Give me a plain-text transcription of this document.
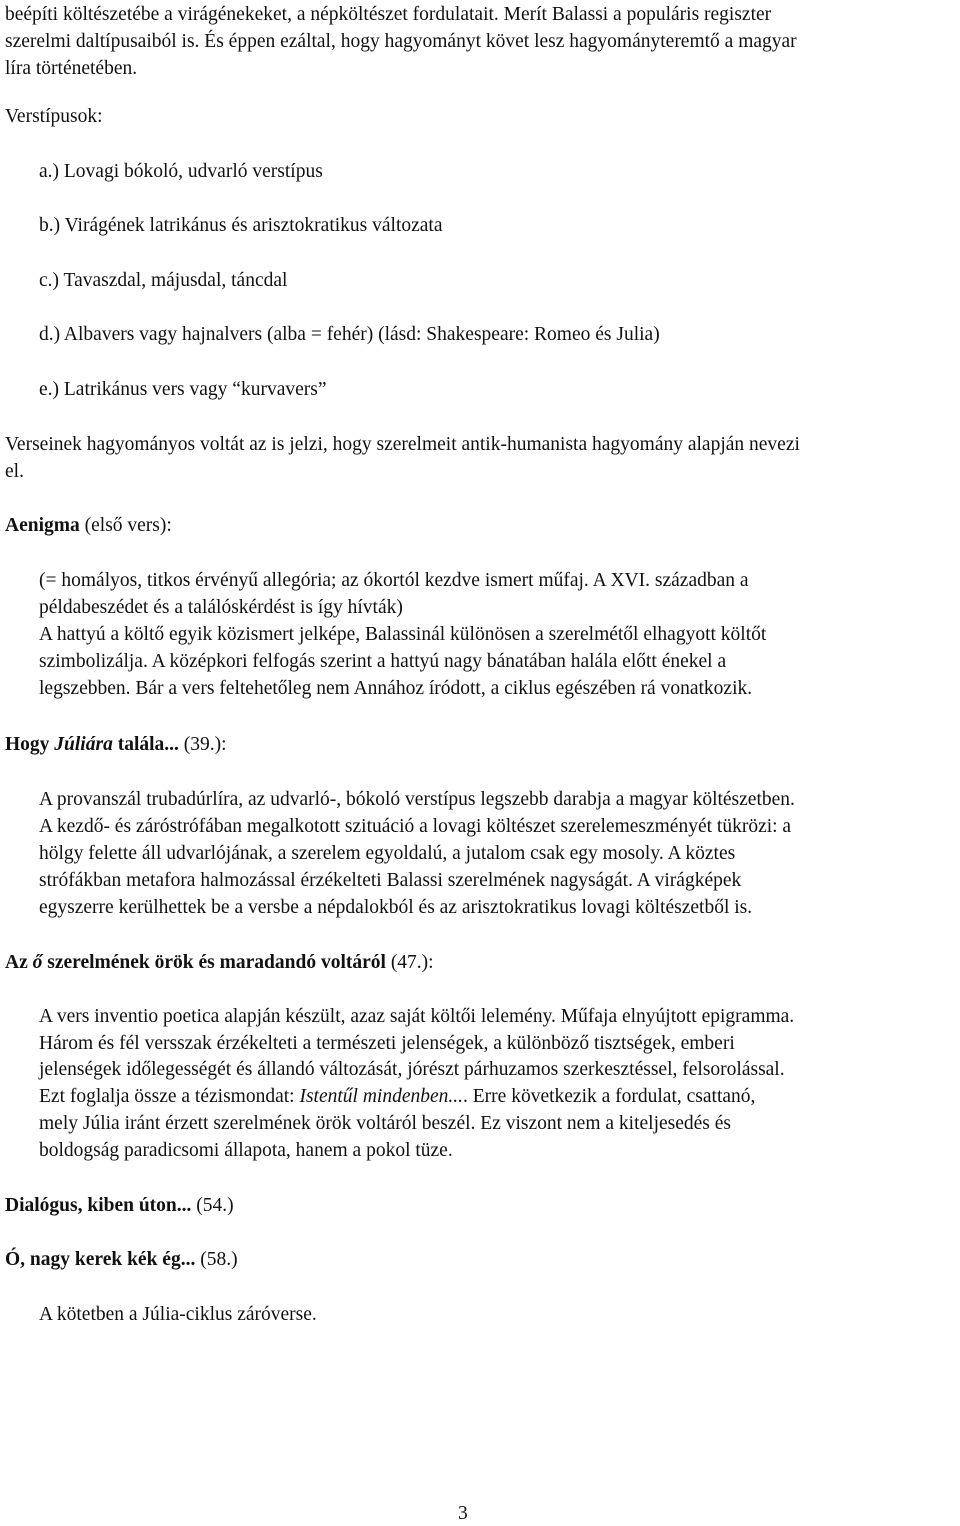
beépíti költészetébe a virágénekeket, a népköltészet fordulatait. Merít Balassi a populáris regiszter
szerelmi daltípusaiból is. És éppen ezáltal, hogy hagyományt követ lesz hagyományteremtő a magyar
líra történetében.
Verstípusok:
a.) Lovagi bókoló, udvarló verstípus
b.) Virágének latrikánus és arisztokratikus változata
c.) Tavaszdal, májusdal, táncdal
d.) Albavers vagy hajnalvers (alba = fehér) (lásd: Shakespeare: Romeo és Julia)
e.) Latrikánus vers vagy “kurvavers”
Verseinek hagyományos voltát az is jelzi, hogy szerelmeit antik-humanista hagyomány alapján nevezi
el.
Aenigma (első vers):
(= homályos, titkos érvényű allegória; az ókortól kezdve ismert műfaj. A XVI. században a
példabeszédet és a találóskérdést is így hívták)
A hattyú a költő egyik közismert jelképe, Balassinál különösen a szerelmétől elhagyott költőt
szimbolizálja. A középkori felfogás szerint a hattyú nagy bánatában halála előtt énekel a
legszebben. Bár a vers feltehetőleg nem Annához íródott, a ciklus egészében rá vonatkozik.
Hogy Júliára talála... (39.):
A provanszál trubadúrlíra, az udvarló-, bókoló verstípus legszebb darabja a magyar költészetben.
A kezdő- és záróstrófában megalkotott szituáció a lovagi költészet szerelemeszményét tükrözi: a
hölgy felette áll udvarlójának, a szerelem egyoldalú, a jutalom csak egy mosoly. A köztes
strófákban metafora halmozással érzékelteti Balassi szerelmének nagyságát. A virágképek
egyszerre kerülhettek be a versbe a népdalokból és az arisztokratikus lovagi költészetből is.
Az ő szerelmének örök és maradandó voltáról (47.):
A vers inventio poetica alapján készült, azaz saját költői lelemény. Műfaja elnyújtott epigramma.
Három és fél versszak érzékelteti a természeti jelenségek, a különböző tisztségek, emberi
jelenségek időlegességét és állandó változását, jórészt párhuzamos szerkesztéssel, felsorolással.
Ezt foglalja össze a tézismondat: Istentűl mindenben.... Erre következik a fordulat, csattanó,
mely Júlia iránt érzett szerelmének örök voltáról beszél. Ez viszont nem a kiteljesedés és
boldogság paradicsomi állapota, hanem a pokol tüze.
Dialógus, kiben úton... (54.)
Ó, nagy kerek kék ég... (58.)
A kötetben a Júlia-ciklus záróverse.
3
